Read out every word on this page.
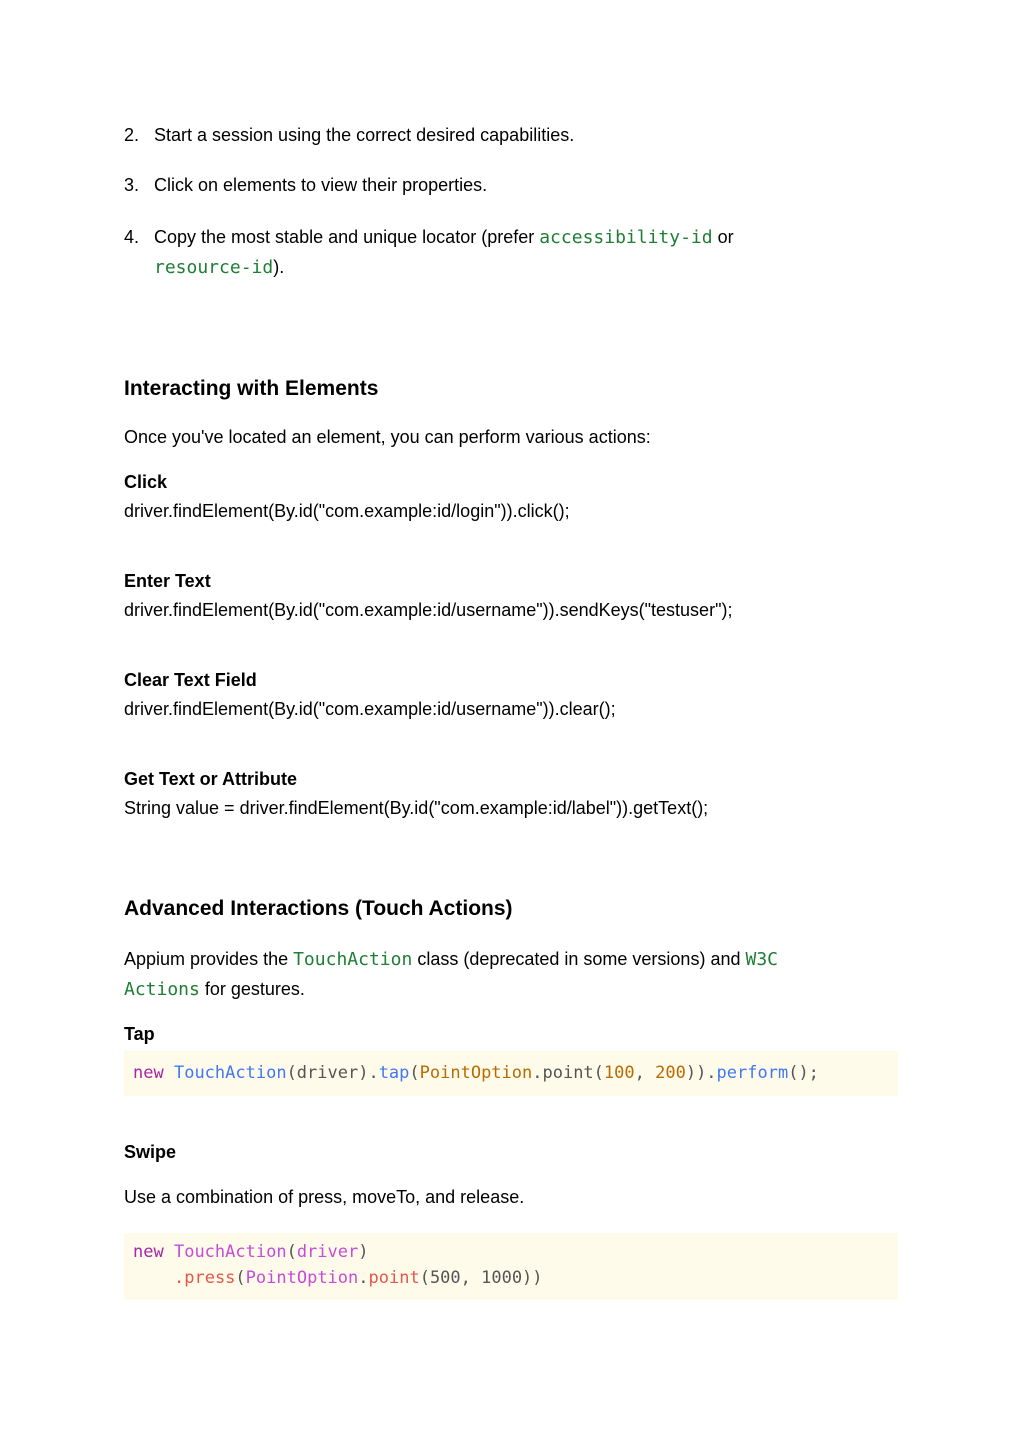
2. Start a session using the correct desired capabilities.
3. Click on elements to view their properties.
4. Copy the most stable and unique locator (prefer accessibility-id or
resource-id).
Interacting with Elements

Once you've located an element, you can perform various actions:

Click
driver.findElement(By.id("com.example:id/login")).click();
Enter Text
driver.findElement(By.id("com.example:id/username")).sendKeys("testuser");
Clear Text Field
driver.findElement(By.id("com.example:id/username")).clear();
Get Text or Attribute
String value = driver.findElement(By.id("com.example:id/label")).getText();
Advanced Interactions (Touch Actions)

Appium provides the TouchAction class (deprecated in some versions) and W3C
Actions for gestures.

Tap
new TouchAction(driver).tap(PointOption.point(100, 200)).perform();
Swipe

Use a combination of press, moveTo, and release.

new TouchAction(driver)
.press(PointOption.point(500, 1000))
